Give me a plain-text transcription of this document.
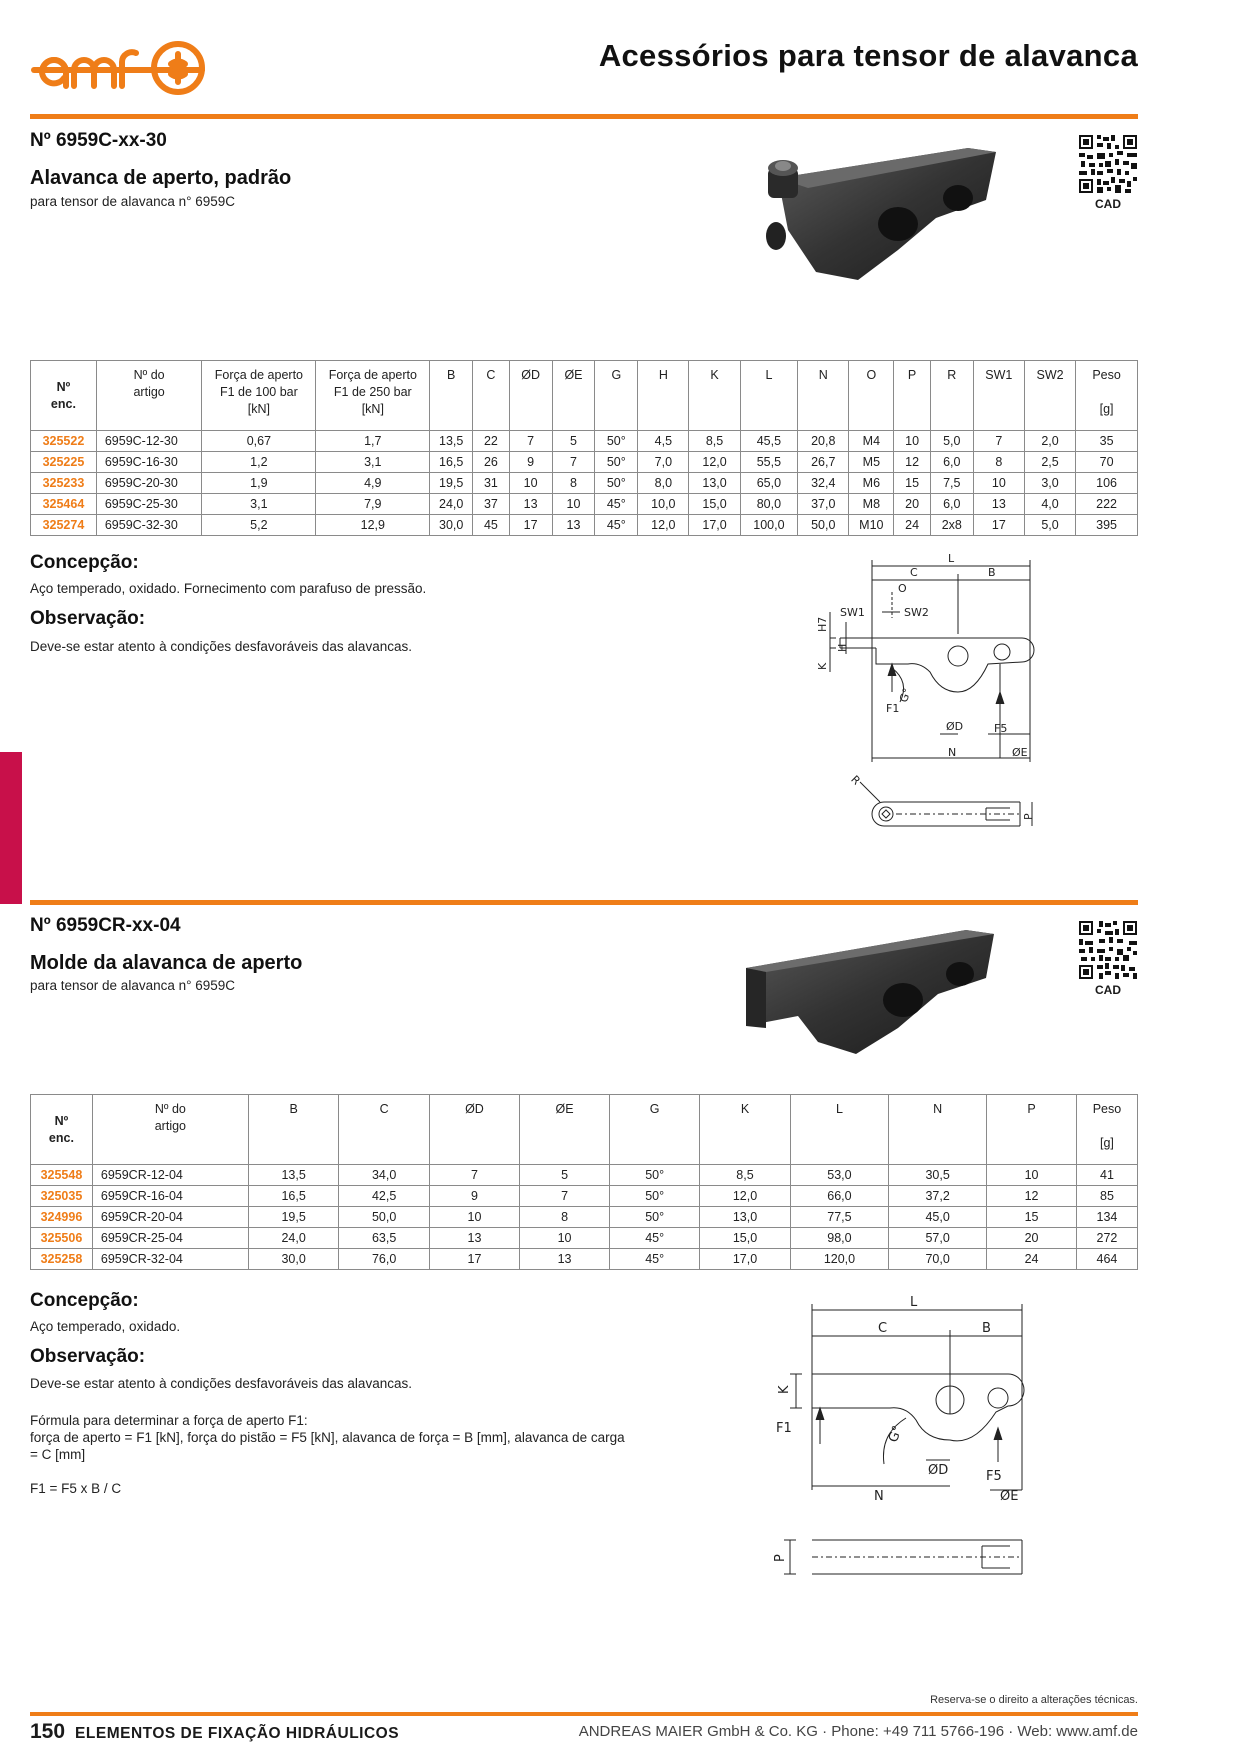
Acessórios para tensor de alavanca
Nº 6959C-xx-30
Alavanca de aperto, padrão
para tensor de alavanca n° 6959C	CAD
Nº
enc.	Nº do
artigo	Força de aperto
F1 de 100 bar
[kN]	Força de aperto
F1 de 250 bar
[kN]	B	C	ØD	ØE	G	H	K	L	N	O	P	R	SW1	SW2	Peso

[g]
325522	6959C-12-30	0,67	1,7	13,5	22	7	5	50°	4,5	8,5	45,5	20,8	M4	10	5,0	7	2,0	35
325225	6959C-16-30	1,2	3,1	16,5	26	9	7	50°	7,0	12,0	55,5	26,7	M5	12	6,0	8	2,5	70
325233	6959C-20-30	1,9	4,9	19,5	31	10	8	50°	8,0	13,0	65,0	32,4	M6	15	7,5	10	3,0	106
325464	6959C-25-30	3,1	7,9	24,0	37	13	10	45°	10,0	15,0	80,0	37,0	M8	20	6,0	13	4,0	222
325274	6959C-32-30	5,2	12,9	30,0	45	17	13	45°	12,0	17,0	100,0	50,0	M10	24	2x8	17	5,0	395
Concepção:
Aço temperado, oxidado. Fornecimento com parafuso de pressão.
Observação:
Deve-se estar atento à condições desfavoráveis das alavancas.
L
C	B
O
SW1	SW2
H7
H
K
G°
F1
ØD	F5
N	ØE
R
P
Nº 6959CR-xx-04
Molde da alavanca de aperto
para tensor de alavanca n° 6959C	CAD
Nº
enc.	Nº do
artigo	B	C	ØD	ØE	G	K	L	N	P	Peso

[g]
325548	6959CR-12-04	13,5	34,0	7	5	50°	8,5	53,0	30,5	10	41
325035	6959CR-16-04	16,5	42,5	9	7	50°	12,0	66,0	37,2	12	85
324996	6959CR-20-04	19,5	50,0	10	8	50°	13,0	77,5	45,0	15	134
325506	6959CR-25-04	24,0	63,5	13	10	45°	15,0	98,0	57,0	20	272
325258	6959CR-32-04	30,0	76,0	17	13	45°	17,0	120,0	70,0	24	464
Concepção:
Aço temperado, oxidado.
Observação:
Deve-se estar atento à condições desfavoráveis das alavancas.
Fórmula para determinar a força de aperto F1:
força de aperto = F1 [kN], força do pistão = F5 [kN], alavanca de força = B [mm], alavanca de carga
= C [mm]
F1 = F5 x B / C
L
C	B
K
F1	G°
ØD	F5
N	ØE
P
Reserva-se o direito a alterações técnicas.
150 ELEMENTOS DE FIXAÇÃO HIDRÁULICOS	ANDREAS MAIER GmbH & Co. KG · Phone: +49 711 5766-196 · Web: www.amf.de
